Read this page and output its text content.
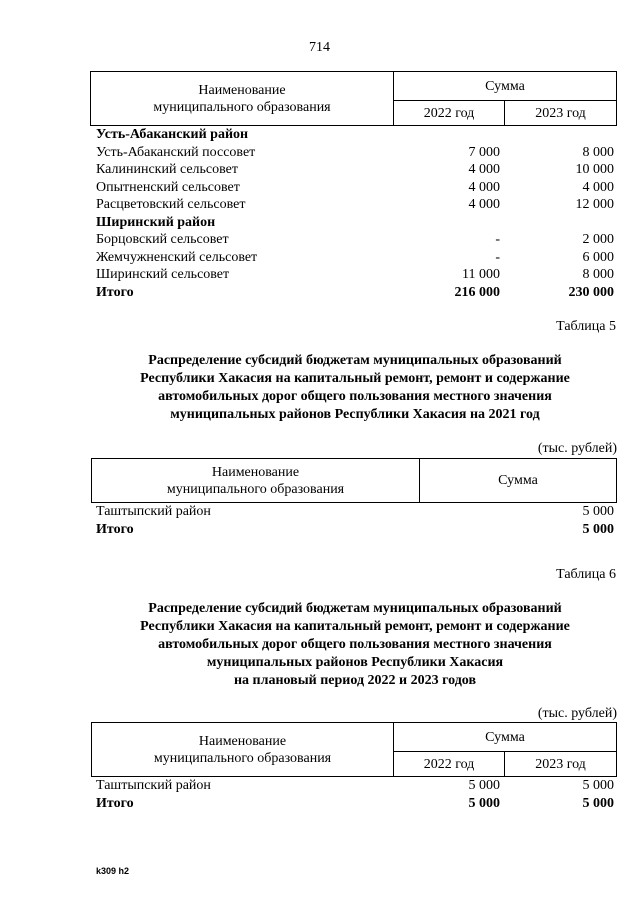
714
Наименование
муниципального образования
Сумма
2022 год	2023 год
Усть-Абаканский район
Усть-Абаканский поссовет	7 000	8 000
Калининский сельсовет	4 000	10 000
Опытненский сельсовет	4 000	4 000
Расцветовский сельсовет	4 000	12 000
Ширинский район
Борцовский сельсовет	-	2 000
Жемчужненский сельсовет	-	6 000
Ширинский сельсовет	11 000	8 000
Итого	216 000	230 000
Таблица 5
Распределение субсидий бюджетам муниципальных образований
Республики Хакасия на капитальный ремонт, ремонт и содержание
автомобильных дорог общего пользования местного значения
муниципальных районов Республики Хакасия на 2021 год
(тыс. рублей)
Наименование
муниципального образования
Сумма
Таштыпский район	5 000
Итого	5 000
Таблица 6
Распределение субсидий бюджетам муниципальных образований
Республики Хакасия на капитальный ремонт, ремонт и содержание
автомобильных дорог общего пользования местного значения
муниципальных районов Республики Хакасия
на плановый период 2022 и 2023 годов
(тыс. рублей)
Наименование
муниципального образования
Сумма
2022 год	2023 год
Таштыпский район	5 000	5 000
Итого	5 000	5 000
k309 h2
